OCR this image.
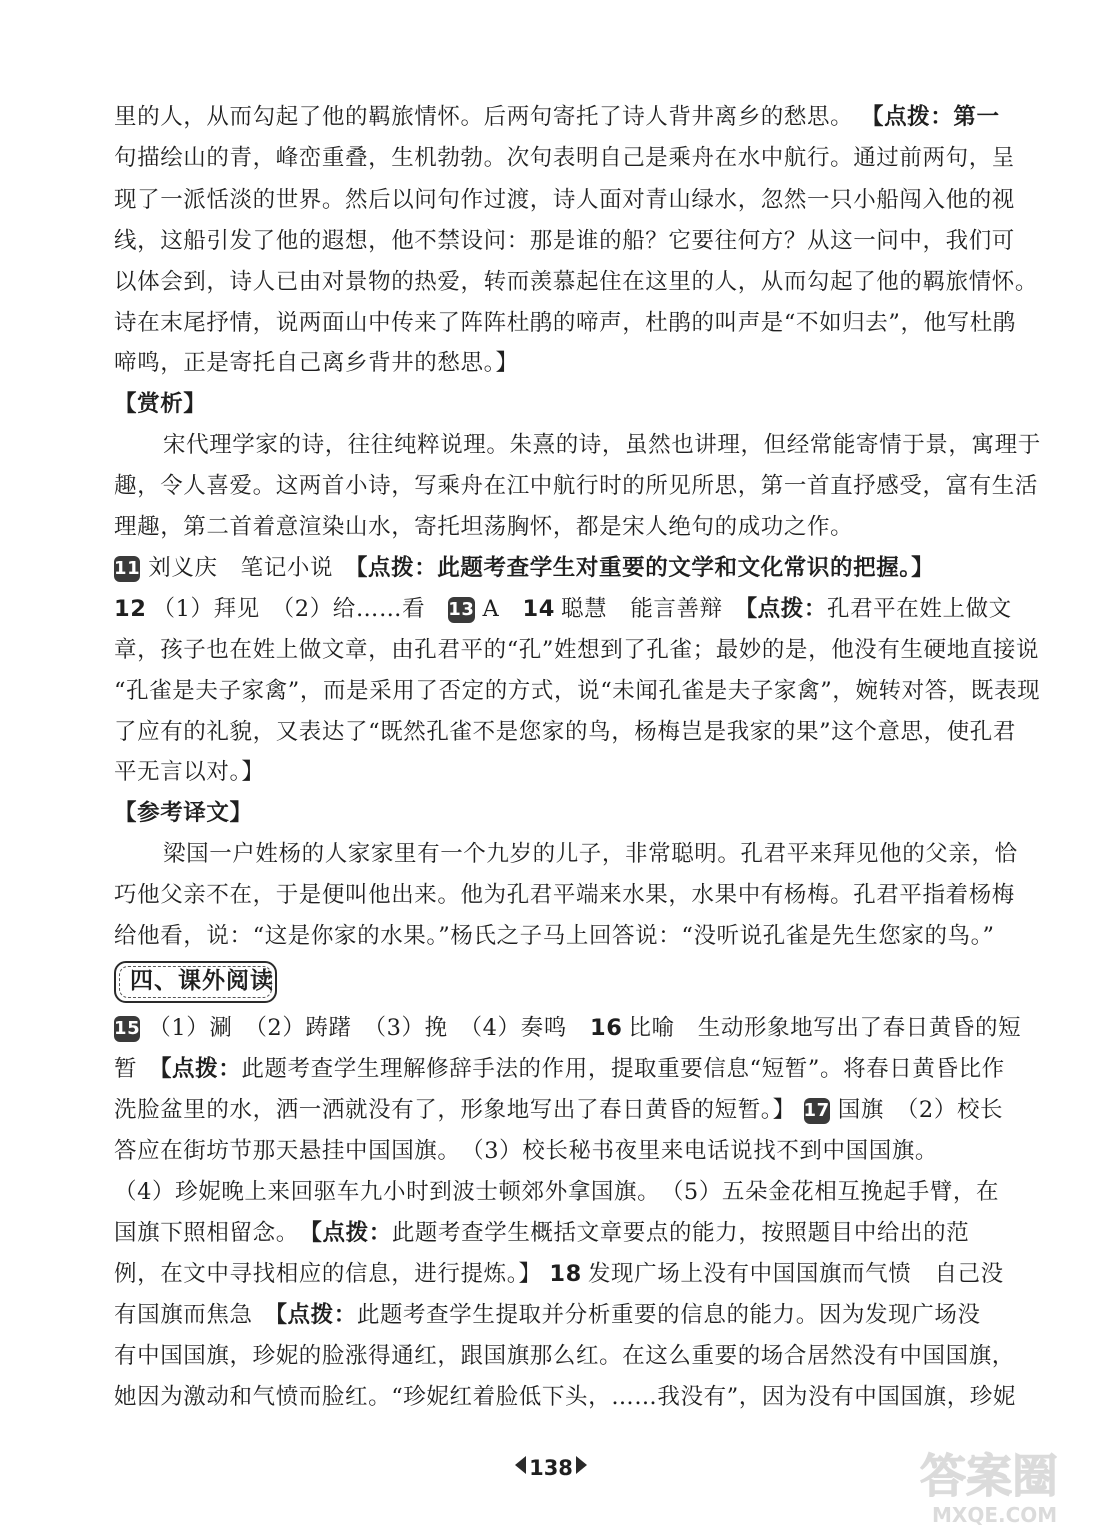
里的人，从而勾起了他的羁旅情怀。后两句寄托了诗人背井离乡的愁思。 【点拨：第一
句描绘山的青，峰峦重叠，生机勃勃。次句表明自己是乘舟在水中航行。通过前两句，呈
现了一派恬淡的世界。然后以问句作过渡，诗人面对青山绿水，忽然一只小船闯入他的视
线，这船引发了他的遐想，他不禁设问：那是谁的船？它要往何方？从这一问中，我们可
以体会到，诗人已由对景物的热爱，转而羡慕起住在这里的人，从而勾起了他的羁旅情怀。
诗在末尾抒情，说两面山中传来了阵阵杜鹃的啼声，杜鹃的叫声是“不如归去”，他写杜鹃
啼鸣，正是寄托自己离乡背井的愁思。】
【赏析】
宋代理学家的诗，往往纯粹说理。朱熹的诗，虽然也讲理，但经常能寄情于景，寓理于
趣，令人喜爱。这两首小诗，写乘舟在江中航行时的所见所思，第一首直抒感受，富有生活
理趣，第二首着意渲染山水，寄托坦荡胸怀，都是宋人绝句的成功之作。
11 刘义庆　笔记小说　【点拨：此题考查学生对重要的文学和文化常识的把握。】
12 （1）拜见　（2）给……看　13 A　14 聪慧　能言善辩　【点拨：孔君平在姓上做文
章，孩子也在姓上做文章，由孔君平的“孔”姓想到了孔雀；最妙的是，他没有生硬地直接说
“孔雀是夫子家禽”，而是采用了否定的方式，说“未闻孔雀是夫子家禽”，婉转对答，既表现
了应有的礼貌，又表达了“既然孔雀不是您家的鸟，杨梅岂是我家的果”这个意思，使孔君
平无言以对。】
【参考译文】
梁国一户姓杨的人家家里有一个九岁的儿子，非常聪明。孔君平来拜见他的父亲，恰
巧他父亲不在，于是便叫他出来。他为孔君平端来水果，水果中有杨梅。孔君平指着杨梅
给他看，说：“这是你家的水果。”杨氏之子马上回答说：“没听说孔雀是先生您家的鸟。”
四、课外阅读
15 （1）涮　（2）踌躇　（3）挽　（4）奏鸣　16 比喻　生动形象地写出了春日黄昏的短
暂　【点拨：此题考查学生理解修辞手法的作用，提取重要信息“短暂”。将春日黄昏比作
洗脸盆里的水，洒一洒就没有了，形象地写出了春日黄昏的短暂。】 17 国旗　（2）校长
答应在街坊节那天悬挂中国国旗。　（3）校长秘书夜里来电话说找不到中国国旗。
（4）珍妮晚上来回驱车九小时到波士顿郊外拿国旗。　（5）五朵金花相互挽起手臂，在
国旗下照相留念。　【点拨：此题考查学生概括文章要点的能力，按照题目中给出的范
例，在文中寻找相应的信息，进行提炼。】 18 发现广场上没有中国国旗而气愤　自己没
有国旗而焦急　【点拨：此题考查学生提取并分析重要的信息的能力。因为发现广场没
有中国国旗，珍妮的脸涨得通红，跟国旗那么红。在这么重要的场合居然没有中国国旗，
她因为激动和气愤而脸红。“珍妮红着脸低下头，……我没有”，因为没有中国国旗，珍妮
138	答案圈
MXQE.COM
